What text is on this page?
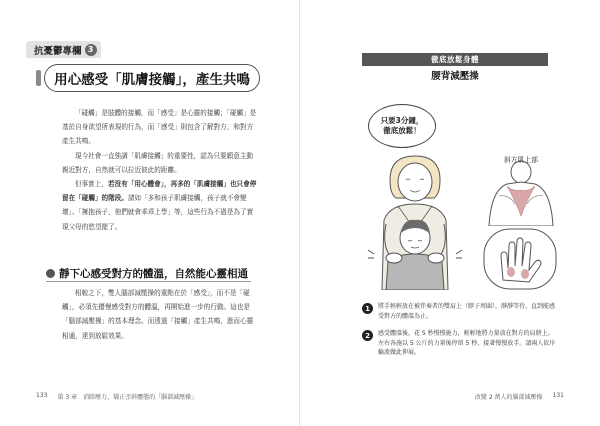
抗憂鬱專欄 3
用心感受「肌膚接觸」，產生共鳴

「碰觸」是肢體的接觸，而「感受」是心靈的接觸；「碰觸」是基於自身欲望所表現的行為，而「感受」則包含了解對方，和對方產生共鳴。

現今社會一直強調「肌膚接觸」的重要性，認為只要願意主動親近對方，自然就可以拉近彼此的距離。

但事實上，若沒有「用心體會」，再多的「肌膚接觸」也只會停留在「碰觸」的階段。諸如「多和孩子肌膚接觸，孩子就不會變壞」、「擁抱孩子，他們就會乖乖上學」等，這些行為不過是為了實現父母的慾望罷了。

靜下心感受對方的體溫，自然能心靈相通

相較之下，雙人腦部減壓操的重點在於「感受」，而不是「碰觸」，必須先擾慢感受對方的體溫，再開始進一步的行動。這也是「腦部減壓操」的基本理念。而透過「接觸」產生共鳴，進而心靈相通，達到放鬆效果。

133 第 3 章　消除壓力，矯正歪斜體態的「腦部減壓操」
徹底放鬆身體
腰背減壓操
只要3分鐘，
徹底放鬆！
斜方肌上部
1	將手輕輕放在被伴奏者的雙肩上（脖子周圍），靜靜等待，直到能感受對方的體溫為止。
2	感受體溫後，花 5 秒慢慢施力，輕輕地將力量放在對方的肩膀上。左右各施以 5 公斤的力量後停留 5 秒，接著慢慢放手。請兩人依序輪流做此伸展。
改變 2 萬人的腦部減壓操 131
